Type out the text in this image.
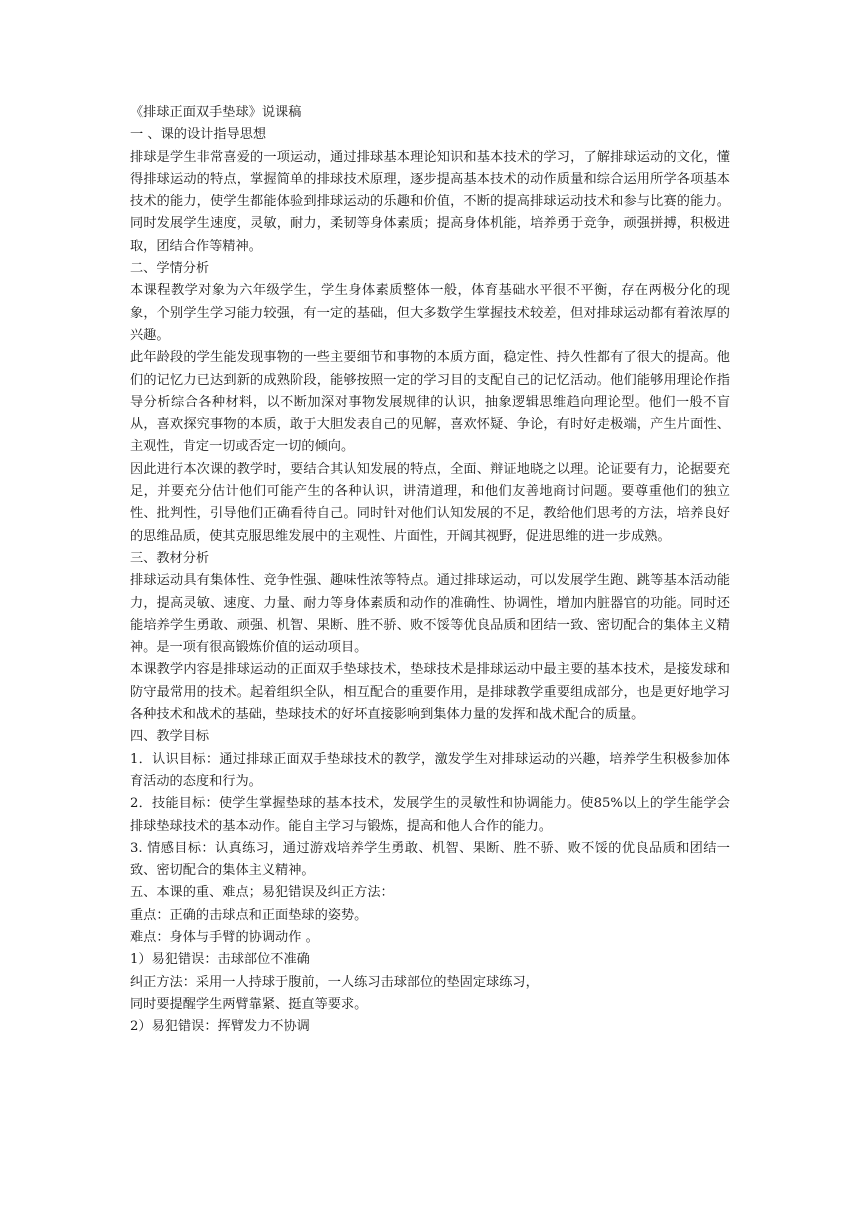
《排球正面双手垫球》说课稿

一 、课的设计指导思想

排球是学生非常喜爱的一项运动，通过排球基本理论知识和基本技术的学习，了解排球运动的文化，懂得排球运动的特点，掌握简单的排球技术原理，逐步提高基本技术的动作质量和综合运用所学各项基本技术的能力，使学生都能体验到排球运动的乐趣和价值，不断的提高排球运动技术和参与比赛的能力。同时发展学生速度，灵敏，耐力，柔韧等身体素质；提高身体机能，培养勇于竞争，顽强拼搏，积极进取，团结合作等精神。

二、学情分析

本课程教学对象为六年级学生，学生身体素质整体一般，体育基础水平很不平衡，存在两极分化的现象，个别学生学习能力较强，有一定的基础，但大多数学生掌握技术较差，但对排球运动都有着浓厚的兴趣。

此年龄段的学生能发现事物的一些主要细节和事物的本质方面，稳定性、持久性都有了很大的提高。他们的记忆力已达到新的成熟阶段，能够按照一定的学习目的支配自己的记忆活动。他们能够用理论作指导分析综合各种材料，以不断加深对事物发展规律的认识，抽象逻辑思维趋向理论型。他们一般不盲从，喜欢探究事物的本质，敢于大胆发表自己的见解，喜欢怀疑、争论，有时好走极端，产生片面性、主观性，肯定一切或否定一切的倾向。

因此进行本次课的教学时，要结合其认知发展的特点，全面、辩证地晓之以理。论证要有力，论据要充足，并要充分估计他们可能产生的各种认识，讲清道理，和他们友善地商讨问题。要尊重他们的独立性、批判性，引导他们正确看待自己。同时针对他们认知发展的不足，教给他们思考的方法，培养良好的思维品质，使其克服思维发展中的主观性、片面性，开阔其视野，促进思维的进一步成熟。

三、教材分析

排球运动具有集体性、竞争性强、趣味性浓等特点。通过排球运动，可以发展学生跑、跳等基本活动能力，提高灵敏、速度、力量、耐力等身体素质和动作的准确性、协调性，增加内脏器官的功能。同时还能培养学生勇敢、顽强、机智、果断、胜不骄、败不馁等优良品质和团结一致、密切配合的集体主义精神。是一项有很高锻炼价值的运动项目。

本课教学内容是排球运动的正面双手垫球技术，垫球技术是排球运动中最主要的基本技术，是接发球和防守最常用的技术。起着组织全队，相互配合的重要作用，是排球教学重要组成部分，也是更好地学习各种技术和战术的基础，垫球技术的好坏直接影响到集体力量的发挥和战术配合的质量。

四、教学目标

1．认识目标：通过排球正面双手垫球技术的教学，激发学生对排球运动的兴趣，培养学生积极参加体育活动的态度和行为。

2．技能目标：使学生掌握垫球的基本技术，发展学生的灵敏性和协调能力。使85%以上的学生能学会排球垫球技术的基本动作。能自主学习与锻炼，提高和他人合作的能力。

3. 情感目标：认真练习，通过游戏培养学生勇敢、机智、果断、胜不骄、败不馁的优良品质和团结一致、密切配合的集体主义精神。

五、本课的重、难点；易犯错误及纠正方法：

重点：正确的击球点和正面垫球的姿势。

难点：身体与手臂的协调动作 。

1）易犯错误：击球部位不准确

纠正方法：采用一人持球于腹前，一人练习击球部位的垫固定球练习，

同时要提醒学生两臂靠紧、挺直等要求。

2）易犯错误：挥臂发力不协调
